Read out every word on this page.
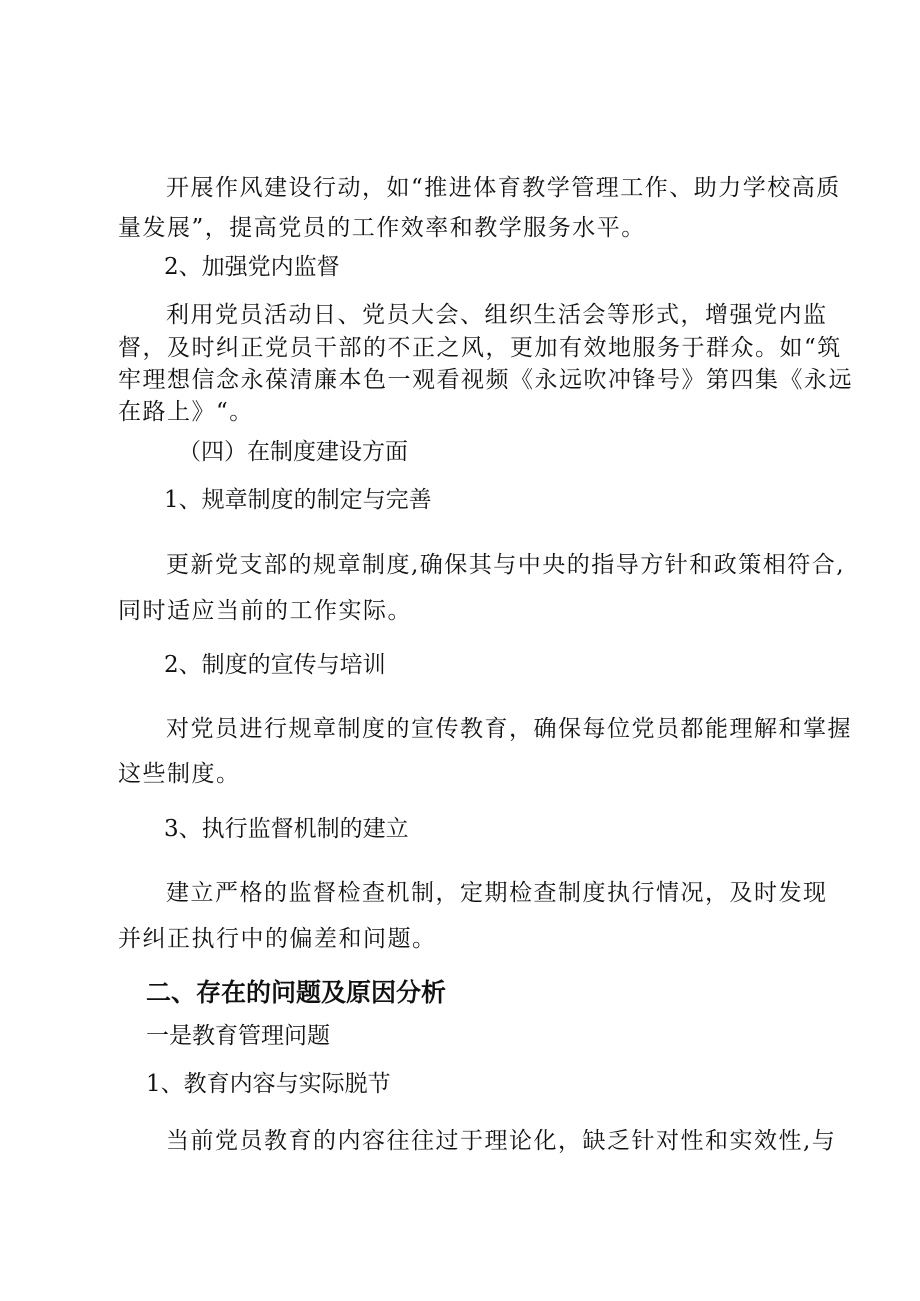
开展作风建设行动，如“推进体育教学管理工作、助力学校高质
量发展”，提高党员的工作效率和教学服务水平。
2、加强党内监督
利用党员活动日、党员大会、组织生活会等形式，增强党内监
督，及时纠正党员干部的不正之风，更加有效地服务于群众。如“筑
牢理想信念永葆清廉本色一观看视频《永远吹冲锋号》第四集《永远
在路上》“。
（四）在制度建设方面
1、规章制度的制定与完善
更新党支部的规章制度,确保其与中央的指导方针和政策相符合,
同时适应当前的工作实际。
2、制度的宣传与培训
对党员进行规章制度的宣传教育，确保每位党员都能理解和掌握
这些制度。
3、执行监督机制的建立
建立严格的监督检查机制，定期检查制度执行情况，及时发现
并纠正执行中的偏差和问题。
二、存在的问题及原因分析
一是教育管理问题
1、教育内容与实际脱节
当前党员教育的内容往往过于理论化，缺乏针对性和实效性,与
